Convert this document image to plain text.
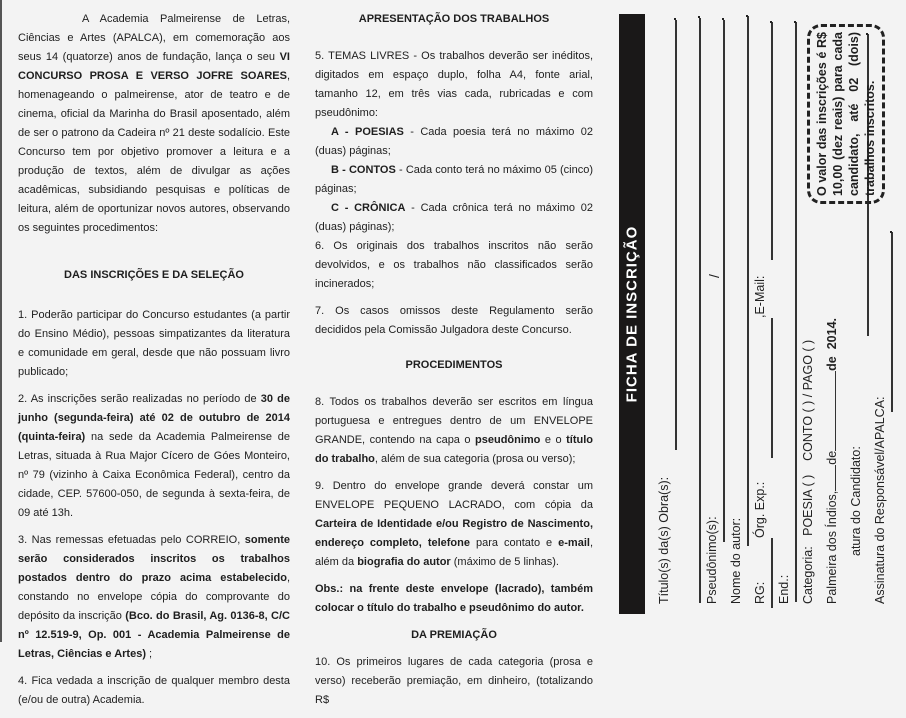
A Academia Palmeirense de Letras, Ciências e Artes (APALCA), em comemoração aos seus 14 (quatorze) anos de fundação, lança o seu VI CONCURSO PROSA E VERSO JOFRE SOARES, homenageando o palmeirense, ator de teatro e de cinema, oficial da Marinha do Brasil aposentado, além de ser o patrono da Cadeira nº 21 deste sodalício. Este Concurso tem por objetivo promover a leitura e a produção de textos, além de divulgar as ações acadêmicas, subsidiando pesquisas e políticas de leitura, além de oportunizar novos autores, observando os seguintes procedimentos:

DAS INSCRIÇÕES E DA SELEÇÃO

1. Poderão participar do Concurso estudantes (a partir do Ensino Médio), pessoas simpatizantes da literatura e comunidade em geral, desde que não possuam livro publicado;

2. As inscrições serão realizadas no período de 30 de junho (segunda-feira) até 02 de outubro de 2014 (quinta-feira) na sede da Academia Palmeirense de Letras, situada à Rua Major Cícero de Góes Monteiro, nº 79 (vizinho à Caixa Econômica Federal), centro da cidade, CEP. 57600-050, de segunda à sexta-feira, de 09 até 13h.

3. Nas remessas efetuadas pelo CORREIO, somente serão considerados inscritos os trabalhos postados dentro do prazo acima estabelecido, constando no envelope cópia do comprovante do depósito da inscrição (Bco. do Brasil, Ag. 0136-8, C/C nº 12.519-9, Op. 001 - Academia Palmeirense de Letras, Ciências e Artes) ;

4. Fica vedada a inscrição de qualquer membro desta (e/ou de outra) Academia.

APRESENTAÇÃO DOS TRABALHOS

5. TEMAS LIVRES - Os trabalhos deverão ser inéditos, digitados em espaço duplo, folha A4, fonte arial, tamanho 12, em três vias cada, rubricadas e com pseudônimo:

A - POESIAS - Cada poesia terá no máximo 02 (duas) páginas;

B - CONTOS - Cada conto terá no máximo 05 (cinco) páginas;

C - CRÔNICA - Cada crônica terá no máximo 02 (duas) páginas);

6. Os originais dos trabalhos inscritos não serão devolvidos, e os trabalhos não classificados serão incinerados;

7. Os casos omissos deste Regulamento serão decididos pela Comissão Julgadora deste Concurso.

PROCEDIMENTOS

8. Todos os trabalhos deverão ser escritos em língua portuguesa e entregues dentro de um ENVELOPE GRANDE, contendo na capa o pseudônimo e o título do trabalho, além de sua categoria (prosa ou verso);

9. Dentro do envelope grande deverá constar um ENVELOPE PEQUENO LACRADO, com cópia da Carteira de Identidade e/ou Registro de Nascimento, endereço completo, telefone para contato e e-mail, além da biografia do autor (máximo de 5 linhas).

Obs.: na frente deste envelope (lacrado), também colocar o título do trabalho e pseudônimo do autor.

DA PREMIAÇÃO

10. Os primeiros lugares de cada categoria (prosa e verso) receberão premiação, em dinheiro, (totalizando R$

FICHA DE INSCRIÇÃO
Título(s) da(s) Obra(s):	Pseudônimo(s):
/
Nome do autor: RG:
Órg. Exp.:
,E-Mail:
End.: Categoria:   POESIA ( )    CONTO ( ) / PAGO ( )
Palmeira dos Índios,dede  2014.
atura do Candidato: Assinatura do Responsável/APALCA:
O valor das inscrições é R$ 10,00 (dez reais) para cada candidato, até 02 (dois) trabalhos inscritos.
